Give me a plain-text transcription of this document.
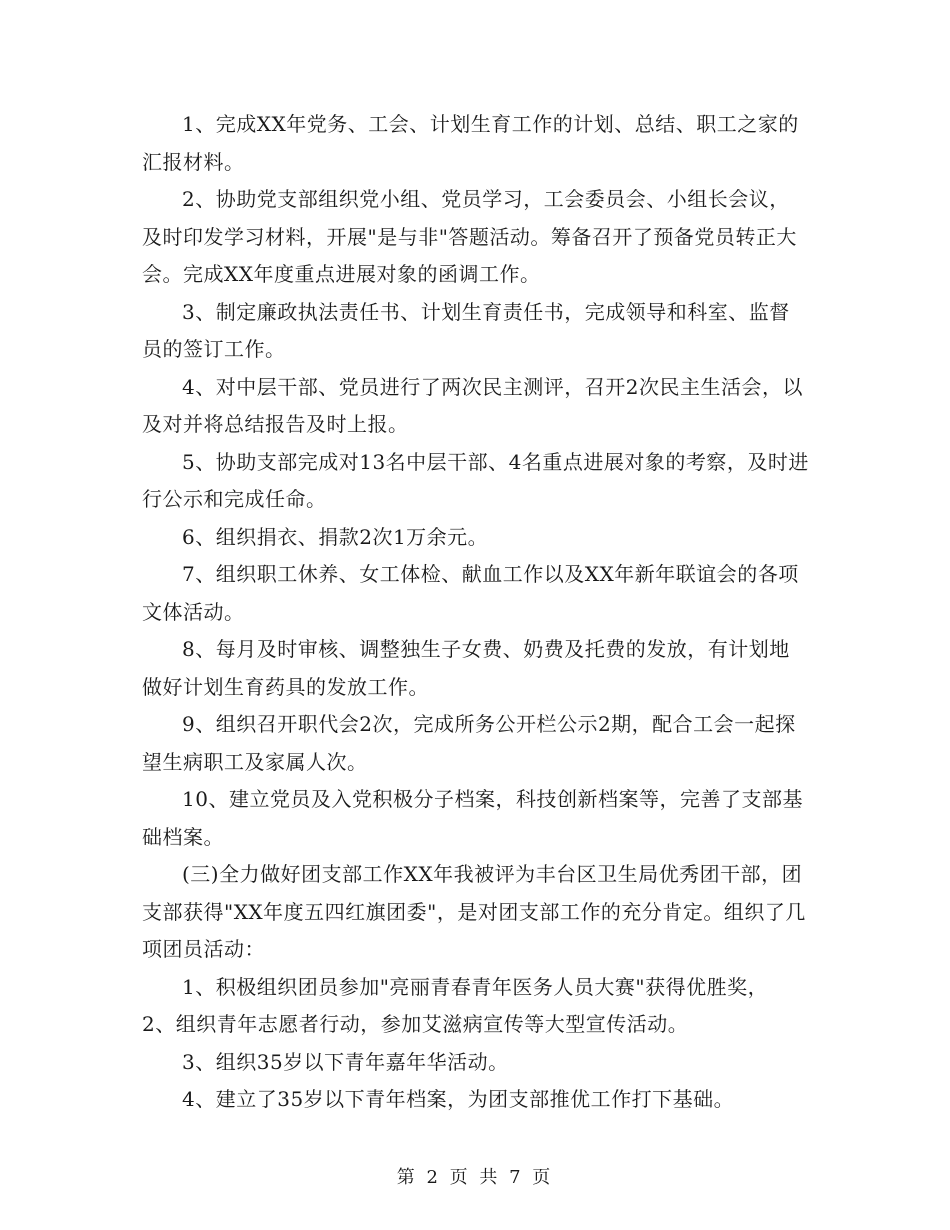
1、完成XX年党务、工会、计划生育工作的计划、总结、职工之家的汇报材料。

2、协助党支部组织党小组、党员学习，工会委员会、小组长会议，及时印发学习材料，开展"是与非"答题活动。筹备召开了预备党员转正大会。完成XX年度重点进展对象的函调工作。

3、制定廉政执法责任书、计划生育责任书，完成领导和科室、监督员的签订工作。

4、对中层干部、党员进行了两次民主测评，召开2次民主生活会，以及对并将总结报告及时上报。

5、协助支部完成对13名中层干部、4名重点进展对象的考察，及时进行公示和完成任命。

6、组织捐衣、捐款2次1万余元。

7、组织职工休养、女工体检、献血工作以及XX年新年联谊会的各项文体活动。

8、每月及时审核、调整独生子女费、奶费及托费的发放，有计划地做好计划生育药具的发放工作。

9、组织召开职代会2次，完成所务公开栏公示2期，配合工会一起探望生病职工及家属人次。

10、建立党员及入党积极分子档案，科技创新档案等，完善了支部基础档案。

(三)全力做好团支部工作XX年我被评为丰台区卫生局优秀团干部，团支部获得"XX年度五四红旗团委"，是对团支部工作的充分肯定。组织了几项团员活动：

1、积极组织团员参加"亮丽青春青年医务人员大赛"获得优胜奖，

2、组织青年志愿者行动，参加艾滋病宣传等大型宣传活动。

3、组织35岁以下青年嘉年华活动。

4、建立了35岁以下青年档案，为团支部推优工作打下基础。

第 2 页 共 7 页
